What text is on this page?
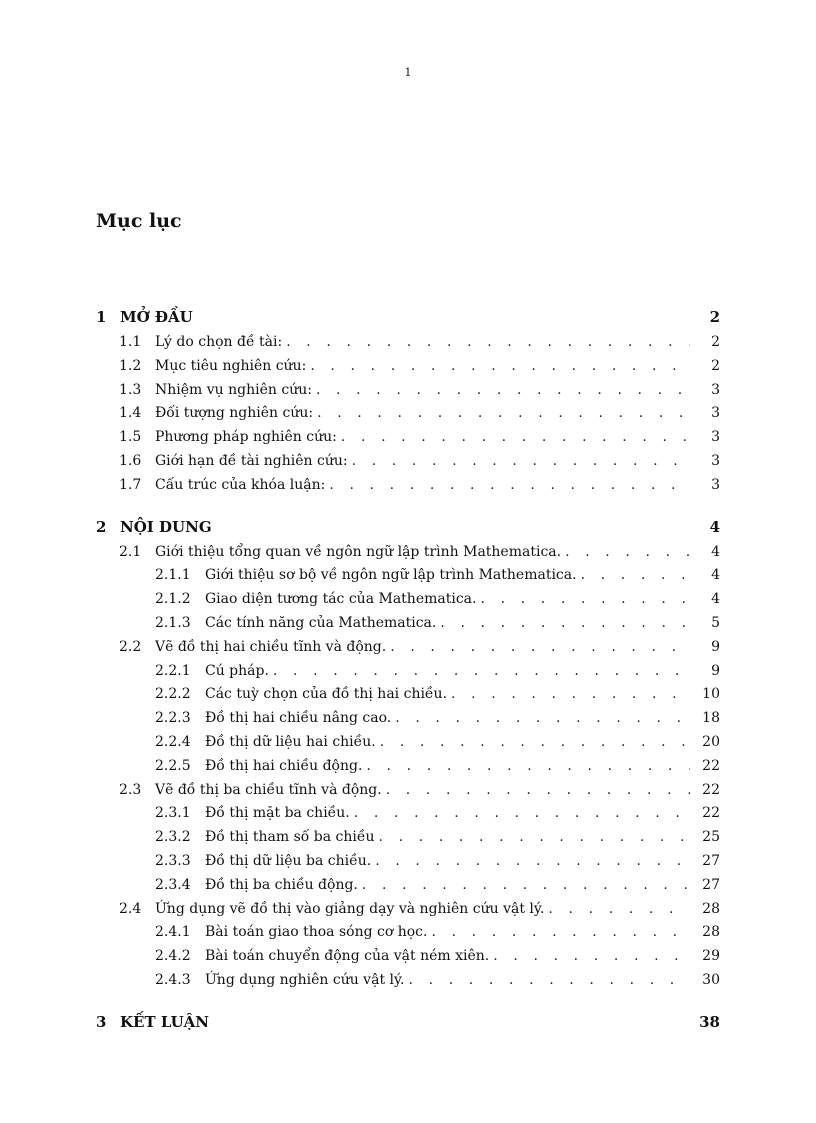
1
Mục lục
1 MỞ ĐẦU	2
1.1 Lý do chọn đề tài: . . .	2
1.2 Mục tiêu nghiên cứu: . . .	2
1.3 Nhiệm vụ nghiên cứu: . . .	3
1.4 Đối tượng nghiên cứu: . . .	3
1.5 Phương pháp nghiên cứu: . . .	3
1.6 Giới hạn đề tài nghiên cứu: . . .	3
1.7 Cấu trúc của khóa luận: . . .	3
2 NỘI DUNG	4
2.1 Giới thiệu tổng quan về ngôn ngữ lập trình Mathematica. . . .	4
2.1.1	Giới thiệu sơ bộ về ngôn ngữ lập trình Mathematica. . . .	4
2.1.2	Giao diện tương tác của Mathematica. . . .	4
2.1.3	Các tính năng của Mathematica. . . .	5
2.2 Vẽ đồ thị hai chiều tĩnh và động. . . .	9
2.2.1	Cú pháp. . . .	9
2.2.2	Các tuỳ chọn của đồ thị hai chiều. . . .	10
2.2.3	Đồ thị hai chiều nâng cao. . . .	18
2.2.4	Đồ thị dữ liệu hai chiều. . . .	20
2.2.5	Đồ thị hai chiều động. . . .	22
2.3 Vẽ đồ thị ba chiều tĩnh và động. . . .	22
2.3.1	Đồ thị mặt ba chiều. . . .	22
2.3.2	Đồ thị tham số ba chiều . . .	25
2.3.3	Đồ thị dữ liệu ba chiều. . . .	27
2.3.4	Đồ thị ba chiều động. . . .	27
2.4 Ứng dụng vẽ đồ thị vào giảng dạy và nghiên cứu vật lý. . . .	28
2.4.1	Bài toán giao thoa sóng cơ học. . . .	28
2.4.2	Bài toán chuyển động của vật ném xiên. . . .	29
2.4.3	Ứng dụng nghiên cứu vật lý. . . .	30
3 KẾT LUẬN	38
